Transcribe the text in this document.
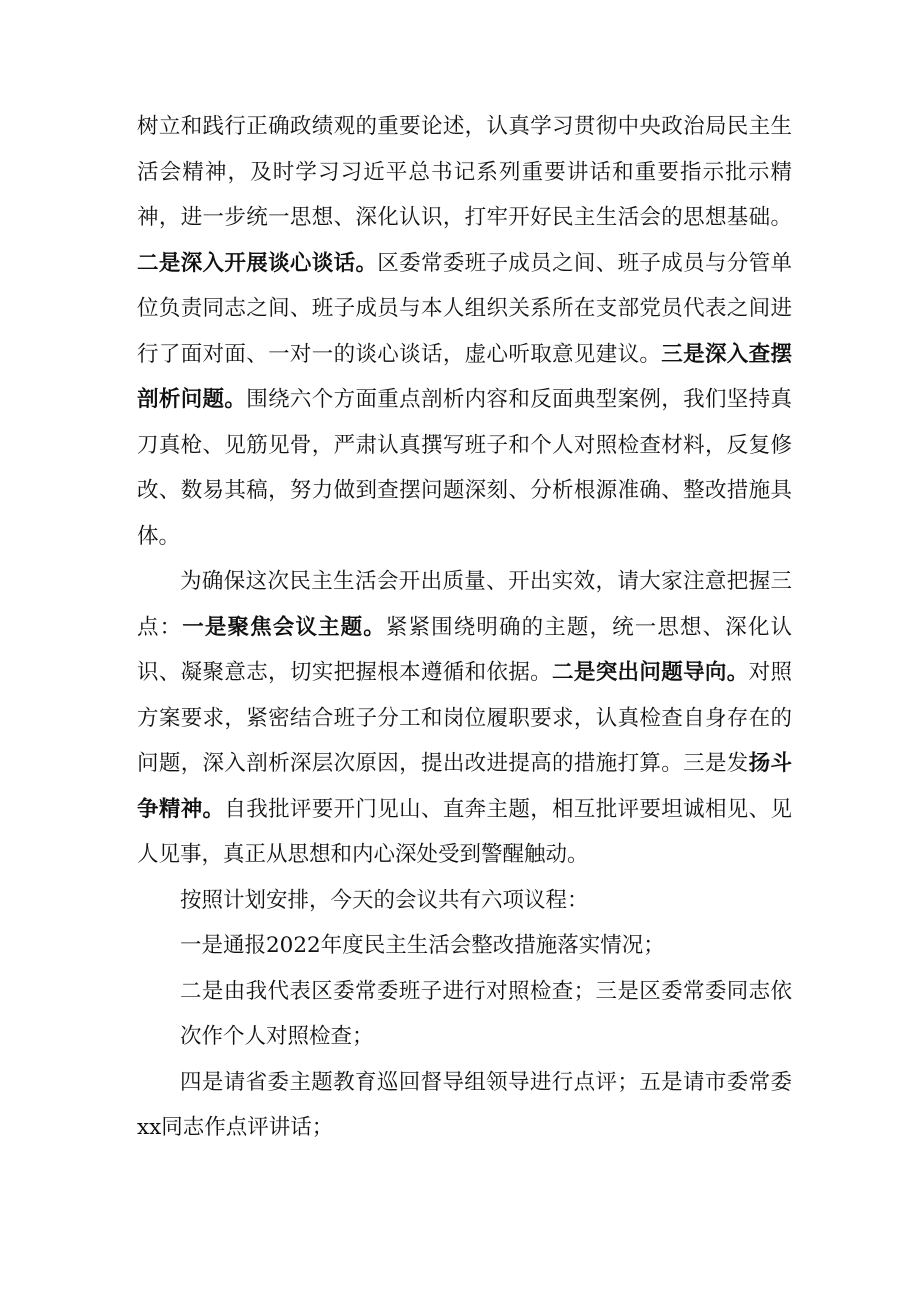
树立和践行正确政绩观的重要论述，认真学习贯彻中央政治局民主生活会精神，及时学习习近平总书记系列重要讲话和重要指示批示精神，进一步统一思想、深化认识，打牢开好民主生活会的思想基础。二是深入开展谈心谈话。区委常委班子成员之间、班子成员与分管单位负责同志之间、班子成员与本人组织关系所在支部党员代表之间进行了面对面、一对一的谈心谈话，虚心听取意见建议。三是深入查摆剖析问题。围绕六个方面重点剖析内容和反面典型案例，我们坚持真刀真枪、见筋见骨，严肃认真撰写班子和个人对照检查材料，反复修改、数易其稿，努力做到查摆问题深刻、分析根源准确、整改措施具体。

为确保这次民主生活会开出质量、开出实效，请大家注意把握三点：一是聚焦会议主题。紧紧围绕明确的主题，统一思想、深化认识、凝聚意志，切实把握根本遵循和依据。二是突出问题导向。对照方案要求，紧密结合班子分工和岗位履职要求，认真检查自身存在的问题，深入剖析深层次原因，提出改进提高的措施打算。三是发扬斗争精神。自我批评要开门见山、直奔主题，相互批评要坦诚相见、见人见事，真正从思想和内心深处受到警醒触动。

按照计划安排，今天的会议共有六项议程：

一是通报2022年度民主生活会整改措施落实情况；

二是由我代表区委常委班子进行对照检查；三是区委常委同志依次作个人对照检查；

四是请省委主题教育巡回督导组领导进行点评；五是请市委常委xx同志作点评讲话；
